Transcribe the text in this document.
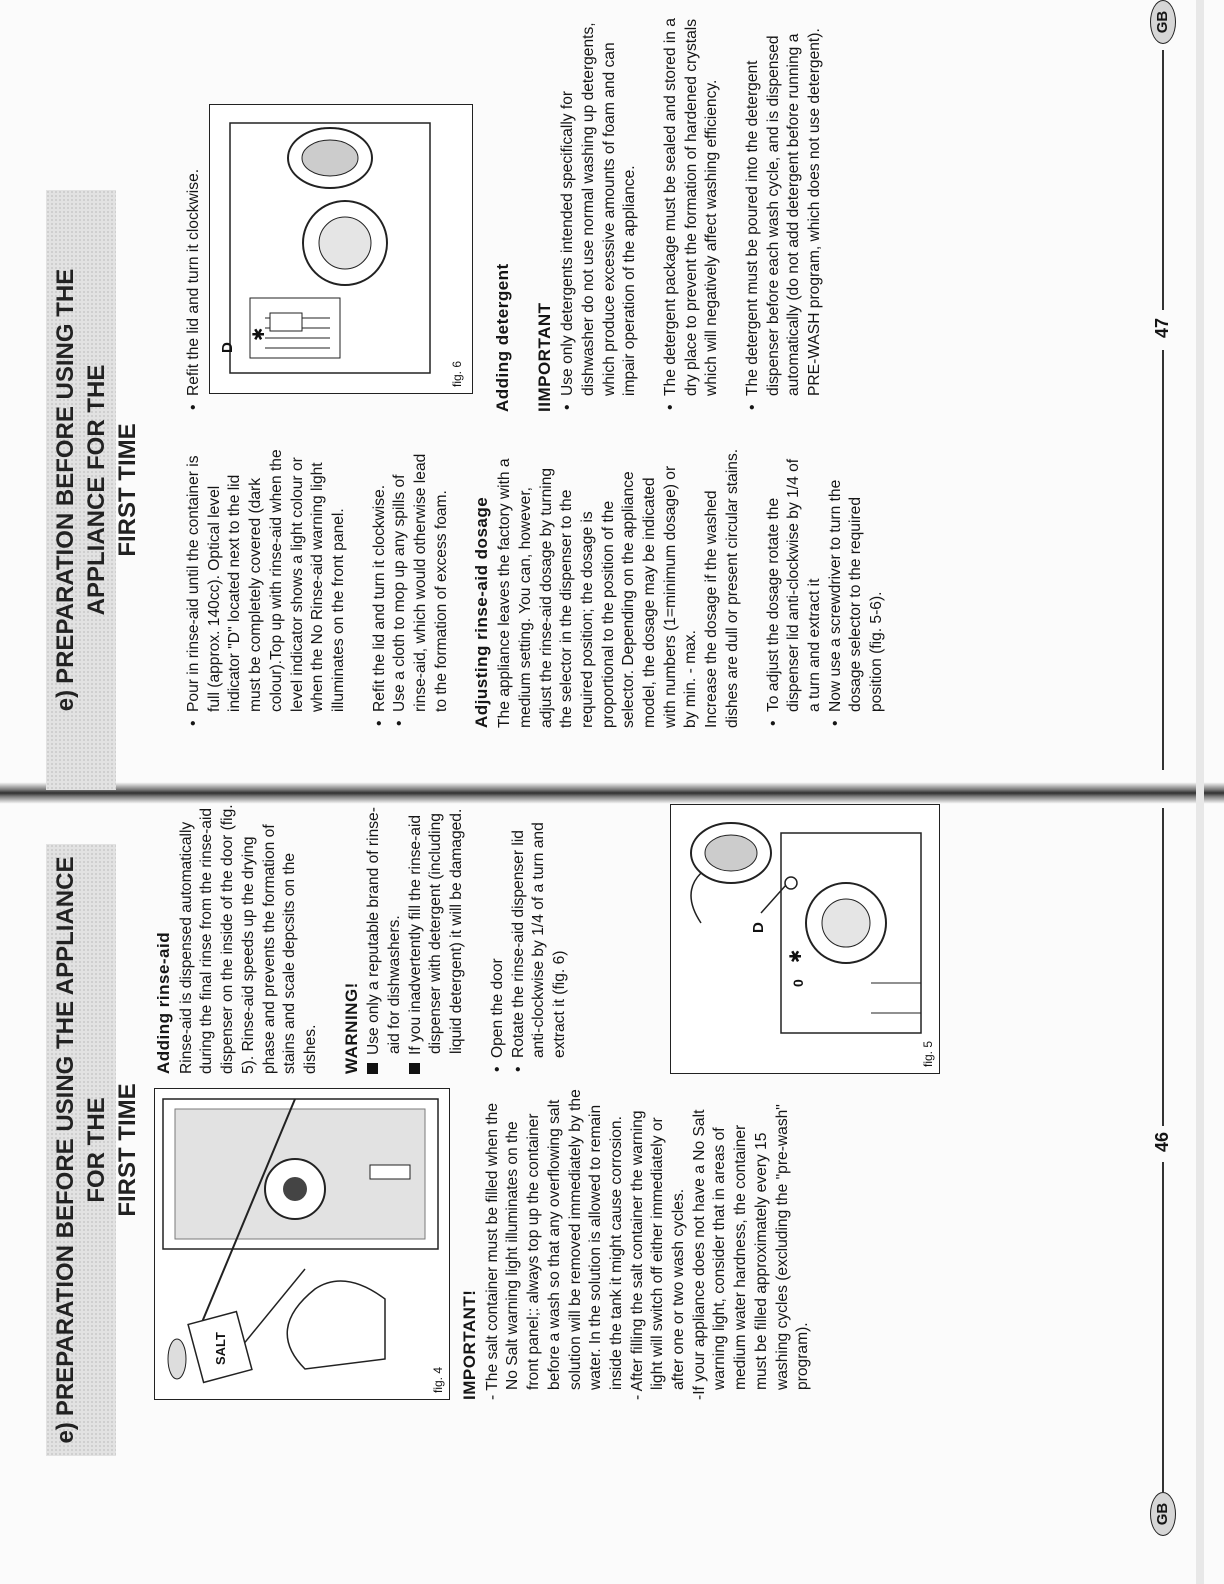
e)PREPARATION BEFORE USING THE APPLIANCE FOR THE FIRST TIME
SALT
fig. 4 IMPORTANT! - The salt container must be filled when the No Salt warning light illuminates on the front panel;: always top up the container before a wash so that any overflowing salt solution will be removed immediately by the water. In the solution is allowed to remain inside the tank it might cause corrosion. - After filling the salt container the warning light will switch off either immediately or after one or two wash cycles. -If your appliance does not have a No Salt warning light, consider that in areas of medium water hardness, the container must be filled approximately every 15 washing cycles (excluding the "pre-wash" program).

Adding rinse-aid Rinse-aid is dispensed automatically during the final rinse from the rinse-aid dispenser on the inside of the door (fig. 5). Rinse-aid speeds up the drying phase and prevents the formation of stains and scale depcsits on the dishes. WARNING! Use only a reputable brand of rinse-aid for dishwashers. If you inadvertently fill the rinse-aid dispenser with detergent (including liquid detergent) it will be damaged. • Open the door • Rotate the rinse-aid dispenser lid anti-clockwise by 1/4 of a turn and extract it (fig. 6)

D
0
✱
fig. 5
GB
46
e)PREPARATION BEFORE USING THE APPLIANCE FOR THE FIRST TIME	• Pour in rinse-aid until the container is full (approx. 140cc). Optical level indicator "D" located next to the lid must be completely covered (dark colour).Top up with rinse-aid when the level indicator shows a light colour or when the No Rinse-aid warning light illuminates on the front panel. • Refit the lid and turn it clockwise. • Use a cloth to mop up any spills of rinse-aid, which would otherwise lead to the formation of excess foam. Adjusting rinse-aid dosage The appliance leaves the factory with a medium setting. You can, however, adjust the rinse-aid dosage by turning the selector in the dispenser to the required position; the dosage is proportional to the position of the selector. Depending on the appliance model, the dosage may be indicated with numbers (1=minimum dosage) or by min. - max. Increase the dosage if the washed dishes are dull or present circular stains. • To adjust the dosage rotate the dispenser lid anti-clockwise by 1/4 of a turn and extract it • Now use a screwdriver to turn the dosage selector to the required position (fig. 5-6).

• Refit the lid and turn it clockwise. D
✱
fig. 6 Adding detergent IIMPORTANT • Use only detergents intended specifically for dishwasher do not use normal washing up detergents, which produce excessive amounts of foam and can impair operation of the appliance. • The detergent package must be sealed and stored in a dry place to prevent the formation of hardened crystals which will negatively affect washing efficiency. • The detergent must be poured into the detergent dispenser before each wash cycle, and is dispensed automatically (do not add detergent before running a PRE-WASH program, which does not use detergent).	47
GB
